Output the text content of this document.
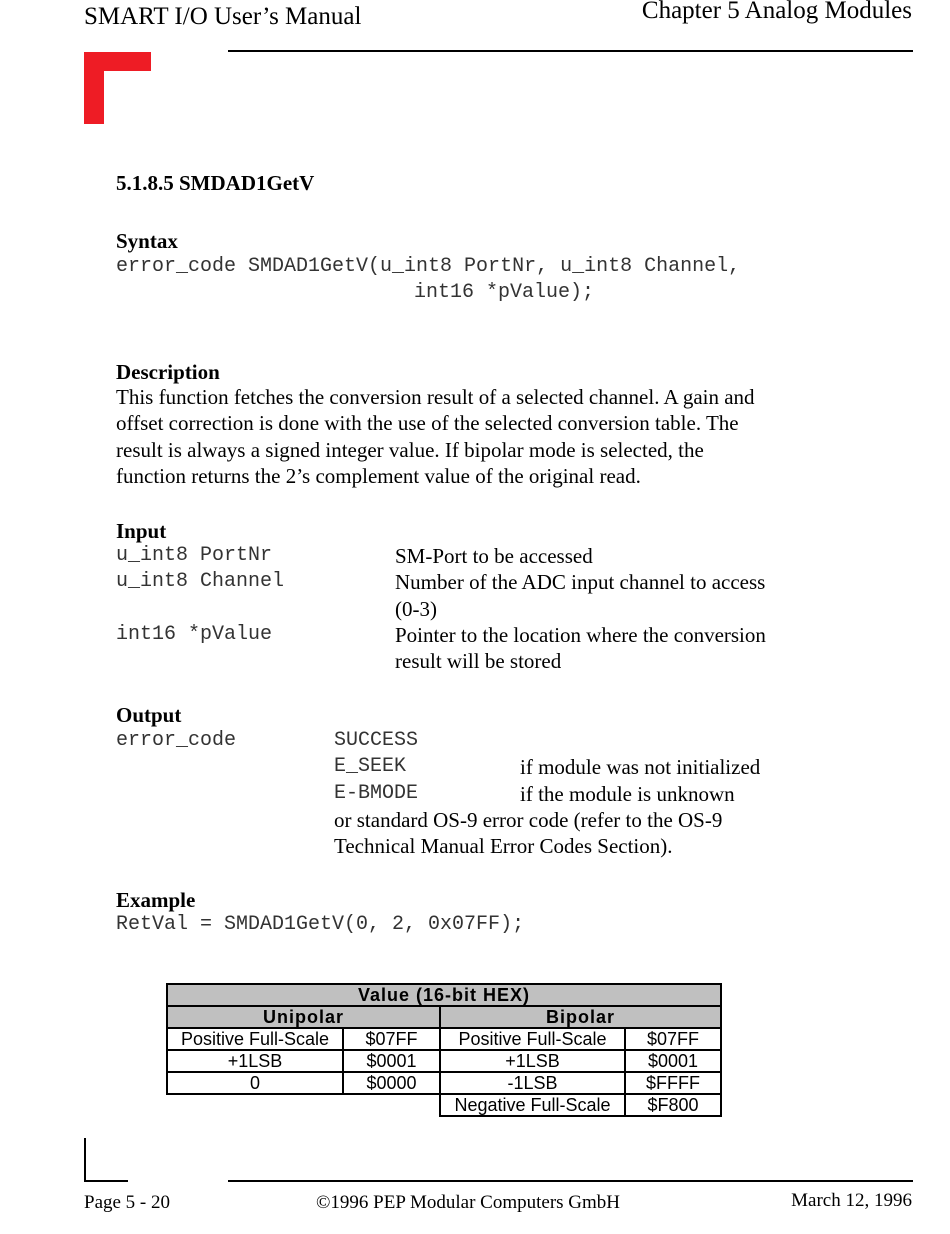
SMART I/O User’s Manual	Chapter 5 Analog Modules
5.1.8.5 SMDAD1GetV
Syntax
error_code SMDAD1GetV(u_int8 PortNr, u_int8 Channel,
int16 *pValue);
Description
This function fetches the conversion result of a selected channel. A gain and
offset correction is done with the use of the selected conversion table. The
result is always a signed integer value. If bipolar mode is selected, the
function returns the 2’s complement value of the original read.
Input
u_int8 PortNr	SM-Port to be accessed
u_int8 Channel	Number of the ADC input channel to access
(0-3)
int16 *pValue	Pointer to the location where the conversion
result will be stored
Output
error_code	SUCCESS
E_SEEK	if module was not initialized
E-BMODE	if the module is unknown
or standard OS-9 error code (refer to the OS-9
Technical Manual Error Codes Section).
Example
RetVal = SMDAD1GetV(0, 2, 0x07FF);
Value (16-bit HEX)			
Unipolar		Bipolar	
Positive Full-Scale	$07FF	Positive Full-Scale	$07FF
+1LSB	$0001	+1LSB	$0001
0	$0000	-1LSB	$FFFF
		Negative Full-Scale	$F800
Page 5 - 20	©1996 PEP Modular Computers GmbH	March 12, 1996
